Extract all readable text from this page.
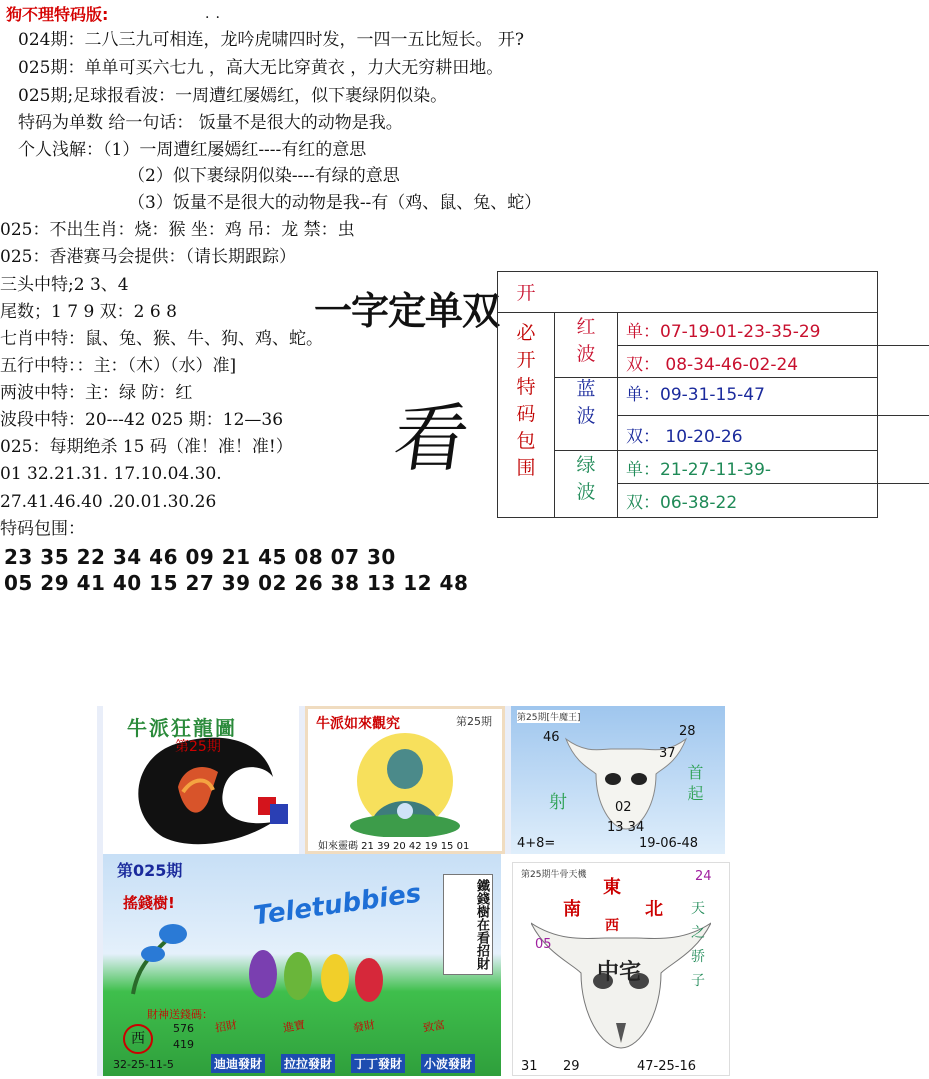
狗不理特码版:	..
024期：二八三九可相连，龙吟虎啸四时发，一四一五比短长。 开?
025期：单单可买六七九 ，高大无比穿黄衣 ，力大无穷耕田地。
025期;足球报看波：一周遭红屡嫣红，似下裹绿阴似染。
特码为单数 给一句话： 饭量不是很大的动物是我。
个人浅解：（1）一周遭红屡嫣红----有红的意思
（2）似下裹绿阴似染----有绿的意思
（3）饭量不是很大的动物是我--有（鸡、鼠、兔、蛇）
025：不出生肖：烧：猴 坐：鸡 吊：龙 禁：虫
025：香港赛马会提供：（请长期跟踪）
三头中特;2 3、4
尾数；1 7 9 双：2 6 8
七肖中特：鼠、兔、猴、牛、狗、鸡、蛇。
五行中特：：主：（木）（水）准]
两波中特：主：绿 防：红
波段中特：20---42 025 期：12—36
025：每期绝杀 15 码（准！准！准!）
01 32.21.31. 17.10.04.30.
27.41.46.40 .20.01.30.26
特码包围：
23 35 22 34 46 09 21 45 08 07 30
05 29 41 40 15 27 39 02 26 38 13 12 48
一字定单双
看
开
必
开
特
码
包
围
红
波
单：07-19-01-23-35-29
双： 08-34-46-02-24
蓝
波
单：09-31-15-47
双： 10-20-26
绿
波
单：21-27-11-39-
双：06-38-22
牛派狂龍圖
第25期
牛派如來觀究	第25期
如來靈碼 21 39 20 42 19 15 01
第25期[牛魔王]
46	28
37
射
首 起
02
13 34
4+8=	19-06-48
第025期
搖錢樹!	Teletubbies	鐵錢樹在看招財
財神送錢碼：
西
576
419
32-25-11-5
招財	進寶	發財	致富
迪迪發財 拉拉發財 丁丁發財 小波發財
第25期牛骨天機	24
東
南	北
西
05
中宅
天
之
骄
子
31 29	47-25-16
